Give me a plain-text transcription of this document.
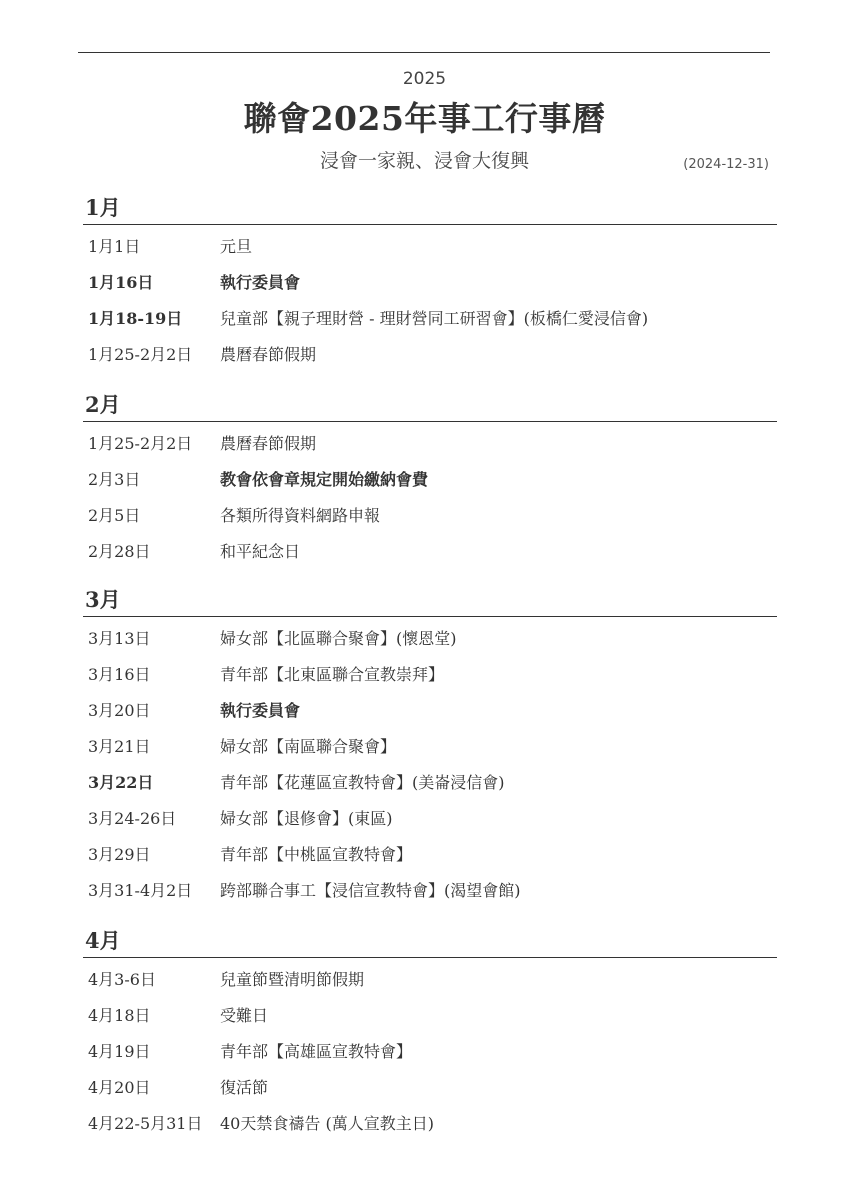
2025
聯會2025年事工行事曆
浸會一家親、浸會大復興	(2024-12-31)
1月
1月1日	元旦
1月16日	執行委員會
1月18-19日	兒童部【親子理財營 - 理財營同工研習會】(板橋仁愛浸信會)
1月25-2月2日	農曆春節假期
2月
1月25-2月2日	農曆春節假期
2月3日	教會依會章規定開始繳納會費
2月5日	各類所得資料網路申報
2月28日	和平紀念日
3月
3月13日	婦女部【北區聯合聚會】(懷恩堂)
3月16日	青年部【北東區聯合宣教崇拜】
3月20日	執行委員會
3月21日	婦女部【南區聯合聚會】
3月22日	青年部【花蓮區宣教特會】(美崙浸信會)
3月24-26日	婦女部【退修會】(東區)
3月29日	青年部【中桃區宣教特會】
3月31-4月2日	跨部聯合事工【浸信宣教特會】(渴望會館)
4月
4月3-6日	兒童節暨清明節假期
4月18日	受難日
4月19日	青年部【高雄區宣教特會】
4月20日	復活節
4月22-5月31日	40天禁食禱告 (萬人宣教主日)
